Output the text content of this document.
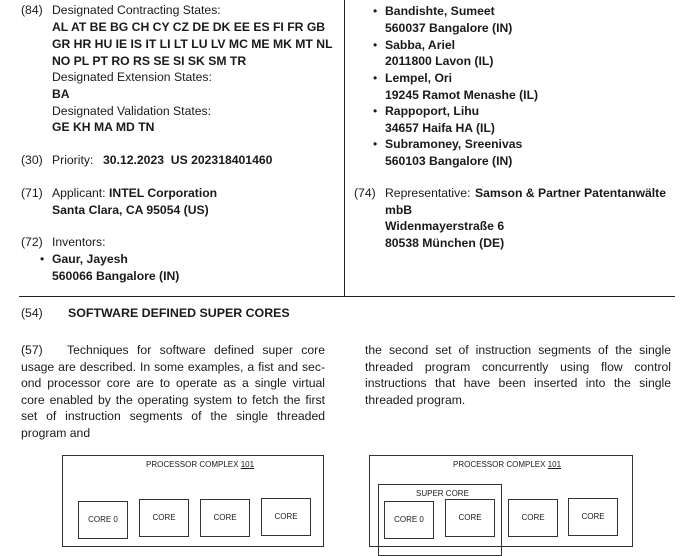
(84) Designated Contracting States:
AL AT BE BG CH CY CZ DE DK EE ES FI FR GB
GR HR HU IE IS IT LI LT LU LV MC ME MK MT NL
NO PL PT RO RS SE SI SK SM TR
Designated Extension States:
BA
Designated Validation States:
GE KH MA MD TN
(30) Priority: 30.12.2023  US 202318401460
(71) Applicant: INTEL Corporation
Santa Clara, CA 95054 (US)
(72) Inventors:
• Gaur, Jayesh
560066 Bangalore (IN)
• Bandishte, Sumeet
560037 Bangalore (IN)
• Sabba, Ariel
2011800 Lavon (IL)
• Lempel, Ori
19245 Ramot Menashe (IL)
• Rappoport, Lihu
34657 Haifa HA (IL)
• Subramoney, Sreenivas
560103 Bangalore (IN)
(74) Representative: Samson & Partner Patentanwälte
mbB
Widenmayerstraße 6
80538 München (DE)
(54) SOFTWARE DEFINED SUPER CORES
(57)	Techniques for software defined super core usage are described. In some examples, a fist and second processor core are to operate as a single virtual core enabled by the operating system to fetch the first set of instruction segments of the single threaded program and
the second set of instruction segments of the single threaded program concurrently using flow control instructions that have been inserted into the single threaded program.
PROCESSOR COMPLEX 101
CORE 0	CORE	CORE	CORE
PROCESSOR COMPLEX 101
SUPER CORE
CORE 0	CORE	CORE	CORE
